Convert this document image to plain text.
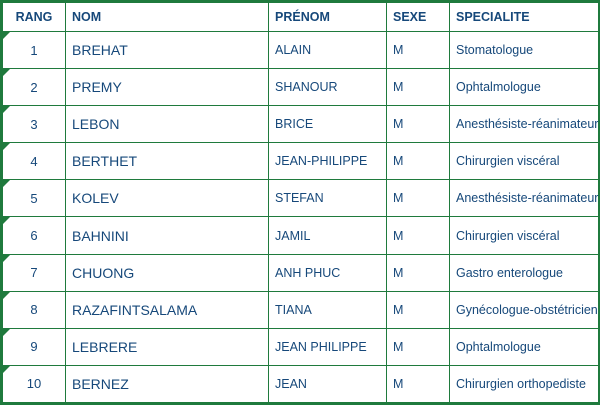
RANG	NOM	PRÉNOM	SEXE	SPECIALITE

1	BREHAT	ALAIN	M	Stomatologue

2	PREMY	SHANOUR	M	Ophtalmologue

3	LEBON	BRICE	M	Anesthésiste-réanimateur

4	BERTHET	JEAN-PHILIPPE	M	Chirurgien viscéral

5	KOLEV	STEFAN	M	Anesthésiste-réanimateur

6	BAHNINI	JAMIL	M	Chirurgien viscéral

7	CHUONG	ANH PHUC	M	Gastro enterologue

8	RAZAFINTSALAMA	TIANA	M	Gynécologue-obstétricien

9	LEBRERE	JEAN PHILIPPE	M	Ophtalmologue

10	BERNEZ	JEAN	M	Chirurgien orthopediste
